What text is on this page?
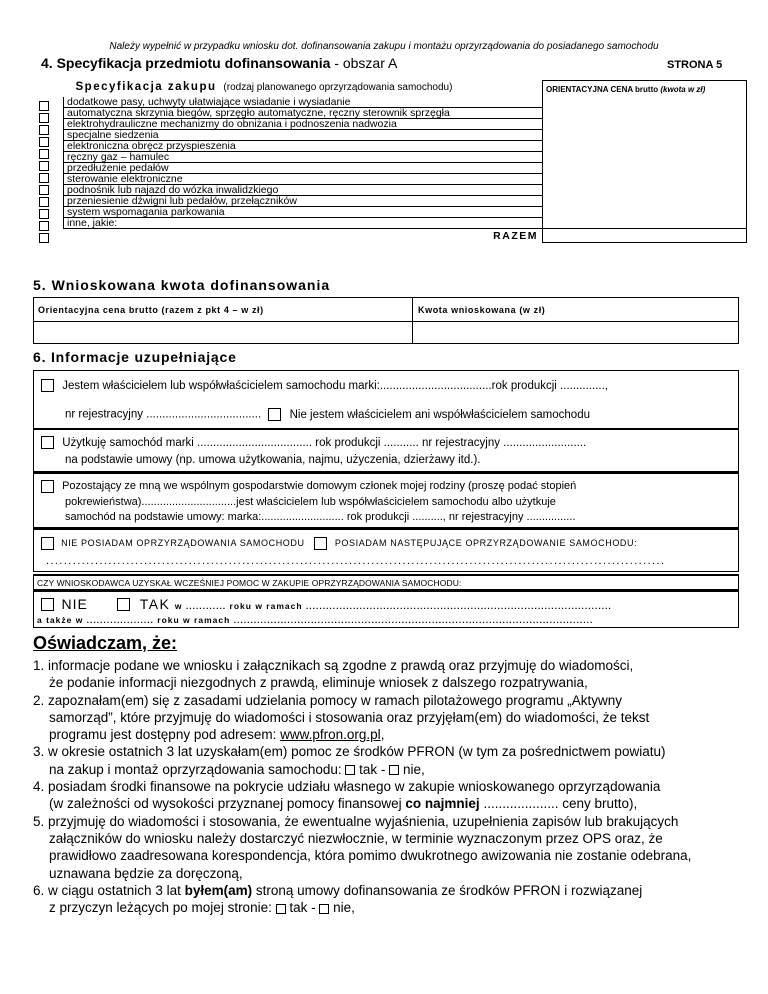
Należy wypełnić w przypadku wniosku dot. dofinansowania zakupu i montażu oprzyrządowania do posiadanego samochodu
4. Specyfikacja przedmiotu dofinansowania - obszar A	STRONA 5
Specyfikacja zakupu (rodzaj planowanego oprzyrządowania samochodu)	ORIENTACYJNA CENA brutto (kwota w zł)
dodatkowe pasy, uchwyty ułatwiające wsiadanie i wysiadanie	
automatyczna skrzynia biegów, sprzęgło automatyczne, ręczny sterownik sprzęgła	
elektrohydrauliczne mechanizmy do obniżania i podnoszenia nadwozia	
specjalne siedzenia	
elektroniczna obręcz przyspieszenia	
ręczny gaz – hamulec	
przedłużenie pedałów	
sterowanie elektroniczne	
podnośnik lub najazd do wózka inwalidzkiego	
przeniesienie dźwigni lub pedałów, przełączników	
system wspomagania parkowania	
inne, jakie:	
RAZEM	
5. Wnioskowana kwota dofinansowania
Orientacyjna cena brutto (razem z pkt 4 – w zł)	Kwota wnioskowana (w zł)

6. Informacje uzupełniające
Jestem właścicielem lub współwłaścicielem samochodu marki:...................................rok produkcji ..............,
nr rejestracyjny .................................... Nie jestem właścicielem ani współwłaścicielem samochodu
Użytkuję samochód marki .................................... rok produkcji ........... nr rejestracyjny ..........................
na podstawie umowy (np. umowa użytkowania, najmu, użyczenia, dzierżawy itd.).
Pozostający ze mną we wspólnym gospodarstwie domowym członek mojej rodziny (proszę podać stopień
pokrewieństwa)...............................jest właścicielem lub współwłaścicielem samochodu albo użytkuje
samochód na podstawie umowy: marka:........................... rok produkcji .........., nr rejestracyjny ................
NIE POSIADAM OPRZYRZĄDOWANIA SAMOCHODU	POSIADAM NASTĘPUJĄCE OPRZYRZĄDOWANIE SAMOCHODU:
...........................................................................................................................................
CZY WNIOSKODAWCA UZYSKAŁ WCZEŚNIEJ POMOC W ZAKUPIE OPRZYRZĄDOWANIA SAMOCHODU:
NIE	TAK w ............ roku w ramach ...........................................................................................
a także w .................... roku w ramach ...........................................................................................................
Oświadczam, że:
1. informacje podane we wniosku i załącznikach są zgodne z prawdą oraz przyjmuję do wiadomości,
że podanie informacji niezgodnych z prawdą, eliminuje wniosek z dalszego rozpatrywania,
2. zapoznałam(em) się z zasadami udzielania pomocy w ramach pilotażowego programu „Aktywny
samorząd”, które przyjmuję do wiadomości i stosowania oraz przyjęłam(em) do wiadomości, że tekst
programu jest dostępny pod adresem: www.pfron.org.pl,
3. w okresie ostatnich 3 lat uzyskałam(em) pomoc ze środków PFRON (w tym za pośrednictwem powiatu)
na zakup i montaż oprzyrządowania samochodu:  tak -  nie,
4. posiadam środki finansowe na pokrycie udziału własnego w zakupie wnioskowanego oprzyrządowania
(w zależności od wysokości przyznanej pomocy finansowej co najmniej .................... ceny brutto),
5. przyjmuję do wiadomości i stosowania, że ewentualne wyjaśnienia, uzupełnienia zapisów lub brakujących
załączników do wniosku należy dostarczyć niezwłocznie, w terminie wyznaczonym przez OPS oraz, że
prawidłowo zaadresowana korespondencja, która pomimo dwukrotnego awizowania nie zostanie odebrana,
uznawana będzie za doręczoną,
6. w ciągu ostatnich 3 lat byłem(am) stroną umowy dofinansowania ze środków PFRON i rozwiązanej
z przyczyn leżących po mojej stronie:  tak -  nie,
